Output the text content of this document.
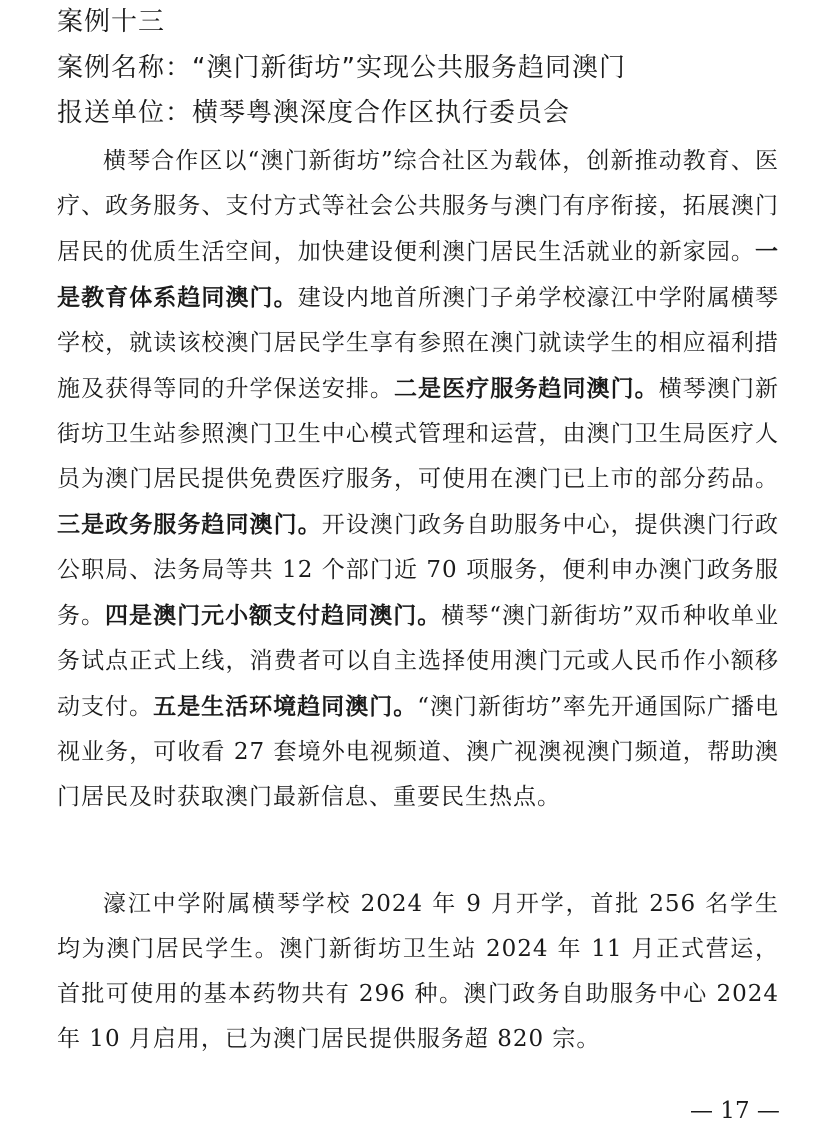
案例十三
案例名称：“澳门新街坊”实现公共服务趋同澳门
报送单位：横琴粤澳深度合作区执行委员会

横琴合作区以“澳门新街坊”综合社区为载体，创新推动教育、医疗、政务服务、支付方式等社会公共服务与澳门有序衔接，拓展澳门居民的优质生活空间，加快建设便利澳门居民生活就业的新家园。一是教育体系趋同澳门。建设内地首所澳门子弟学校濠江中学附属横琴学校，就读该校澳门居民学生享有参照在澳门就读学生的相应福利措施及获得等同的升学保送安排。二是医疗服务趋同澳门。横琴澳门新街坊卫生站参照澳门卫生中心模式管理和运营，由澳门卫生局医疗人员为澳门居民提供免费医疗服务，可使用在澳门已上市的部分药品。三是政务服务趋同澳门。开设澳门政务自助服务中心，提供澳门行政公职局、法务局等共 12 个部门近 70 项服务，便利申办澳门政务服务。四是澳门元小额支付趋同澳门。横琴“澳门新街坊”双币种收单业务试点正式上线，消费者可以自主选择使用澳门元或人民币作小额移动支付。五是生活环境趋同澳门。“澳门新街坊”率先开通国际广播电视业务，可收看 27 套境外电视频道、澳广视澳视澳门频道，帮助澳门居民及时获取澳门最新信息、重要民生热点。

濠江中学附属横琴学校 2024 年 9 月开学，首批 256 名学生均为澳门居民学生。澳门新街坊卫生站 2024 年 11 月正式营运，首批可使用的基本药物共有 296 种。澳门政务自助服务中心 2024 年 10 月启用，已为澳门居民提供服务超 820 宗。

— 17 —
